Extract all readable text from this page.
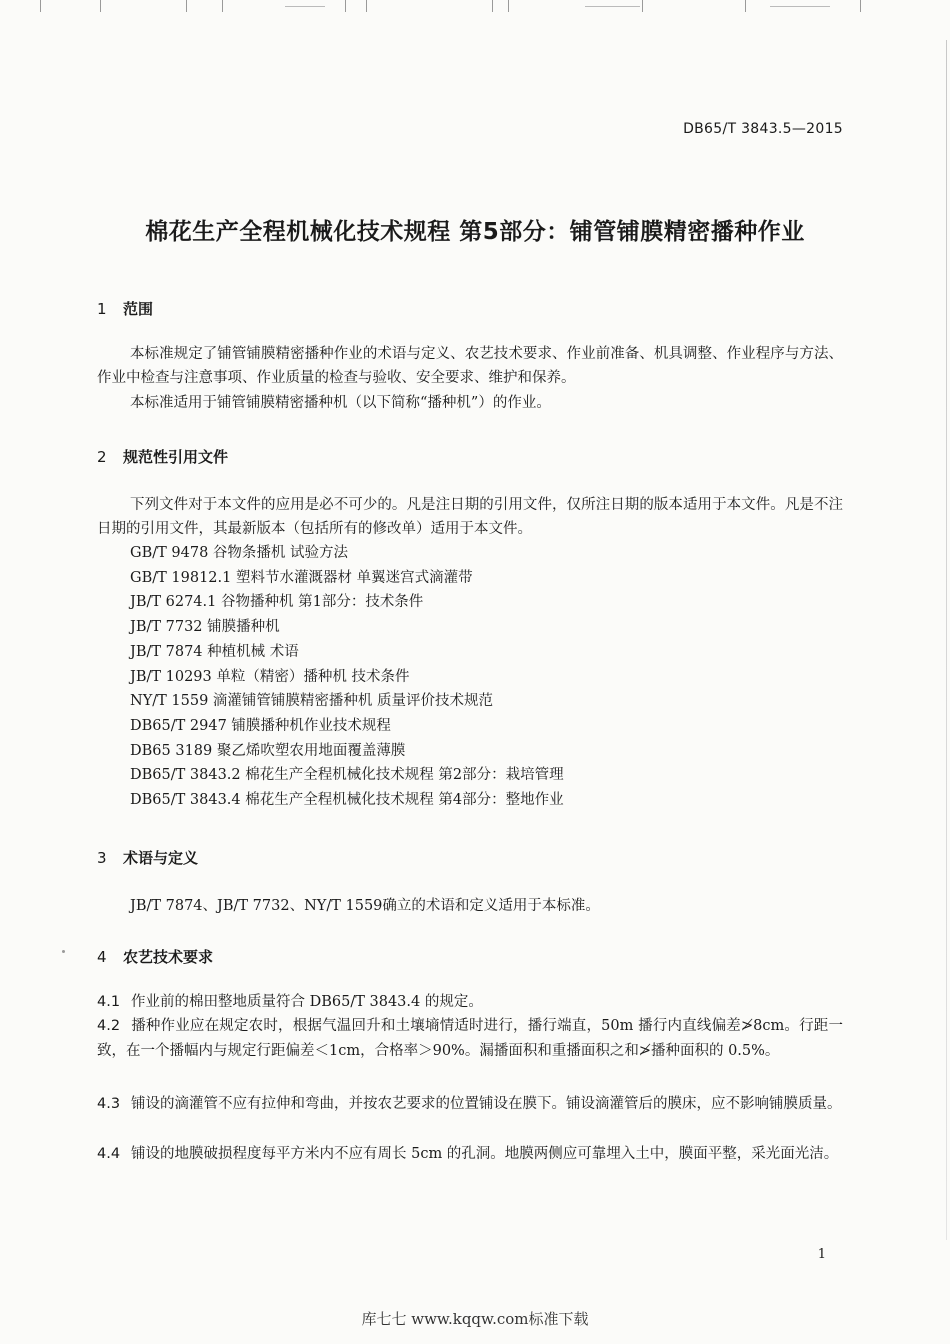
DB65/T 3843.5—2015
棉花生产全程机械化技术规程 第5部分：铺管铺膜精密播种作业
1 范围

本标准规定了铺管铺膜精密播种作业的术语与定义、农艺技术要求、作业前准备、机具调整、作业程序与方法、作业中检查与注意事项、作业质量的检查与验收、安全要求、维护和保养。

本标准适用于铺管铺膜精密播种机（以下简称“播种机”）的作业。

2 规范性引用文件

下列文件对于本文件的应用是必不可少的。凡是注日期的引用文件，仅所注日期的版本适用于本文件。凡是不注日期的引用文件，其最新版本（包括所有的修改单）适用于本文件。

GB/T 9478 谷物条播机 试验方法
GB/T 19812.1 塑料节水灌溉器材 单翼迷宫式滴灌带
JB/T 6274.1 谷物播种机 第1部分：技术条件
JB/T 7732 铺膜播种机
JB/T 7874 种植机械 术语
JB/T 10293 单粒（精密）播种机 技术条件
NY/T 1559 滴灌铺管铺膜精密播种机 质量评价技术规范
DB65/T 2947 铺膜播种机作业技术规程
DB65 3189 聚乙烯吹塑农用地面覆盖薄膜
DB65/T 3843.2 棉花生产全程机械化技术规程 第2部分：栽培管理
DB65/T 3843.4 棉花生产全程机械化技术规程 第4部分：整地作业
3 术语与定义

JB/T 7874、JB/T 7732、NY/T 1559确立的术语和定义适用于本标准。

4 农艺技术要求

4.1 作业前的棉田整地质量符合 DB65/T 3843.4 的规定。

4.2 播种作业应在规定农时，根据气温回升和土壤墒情适时进行，播行端直，50m 播行内直线偏差≯8cm。行距一致，在一个播幅内与规定行距偏差＜1cm，合格率＞90%。漏播面积和重播面积之和≯播种面积的 0.5%。

4.3 铺设的滴灌管不应有拉伸和弯曲，并按农艺要求的位置铺设在膜下。铺设滴灌管后的膜床，应不影响铺膜质量。

4.4 铺设的地膜破损程度每平方米内不应有周长 5cm 的孔洞。地膜两侧应可靠埋入土中，膜面平整，采光面光洁。

1
库七七 www.kqqw.com标准下载
